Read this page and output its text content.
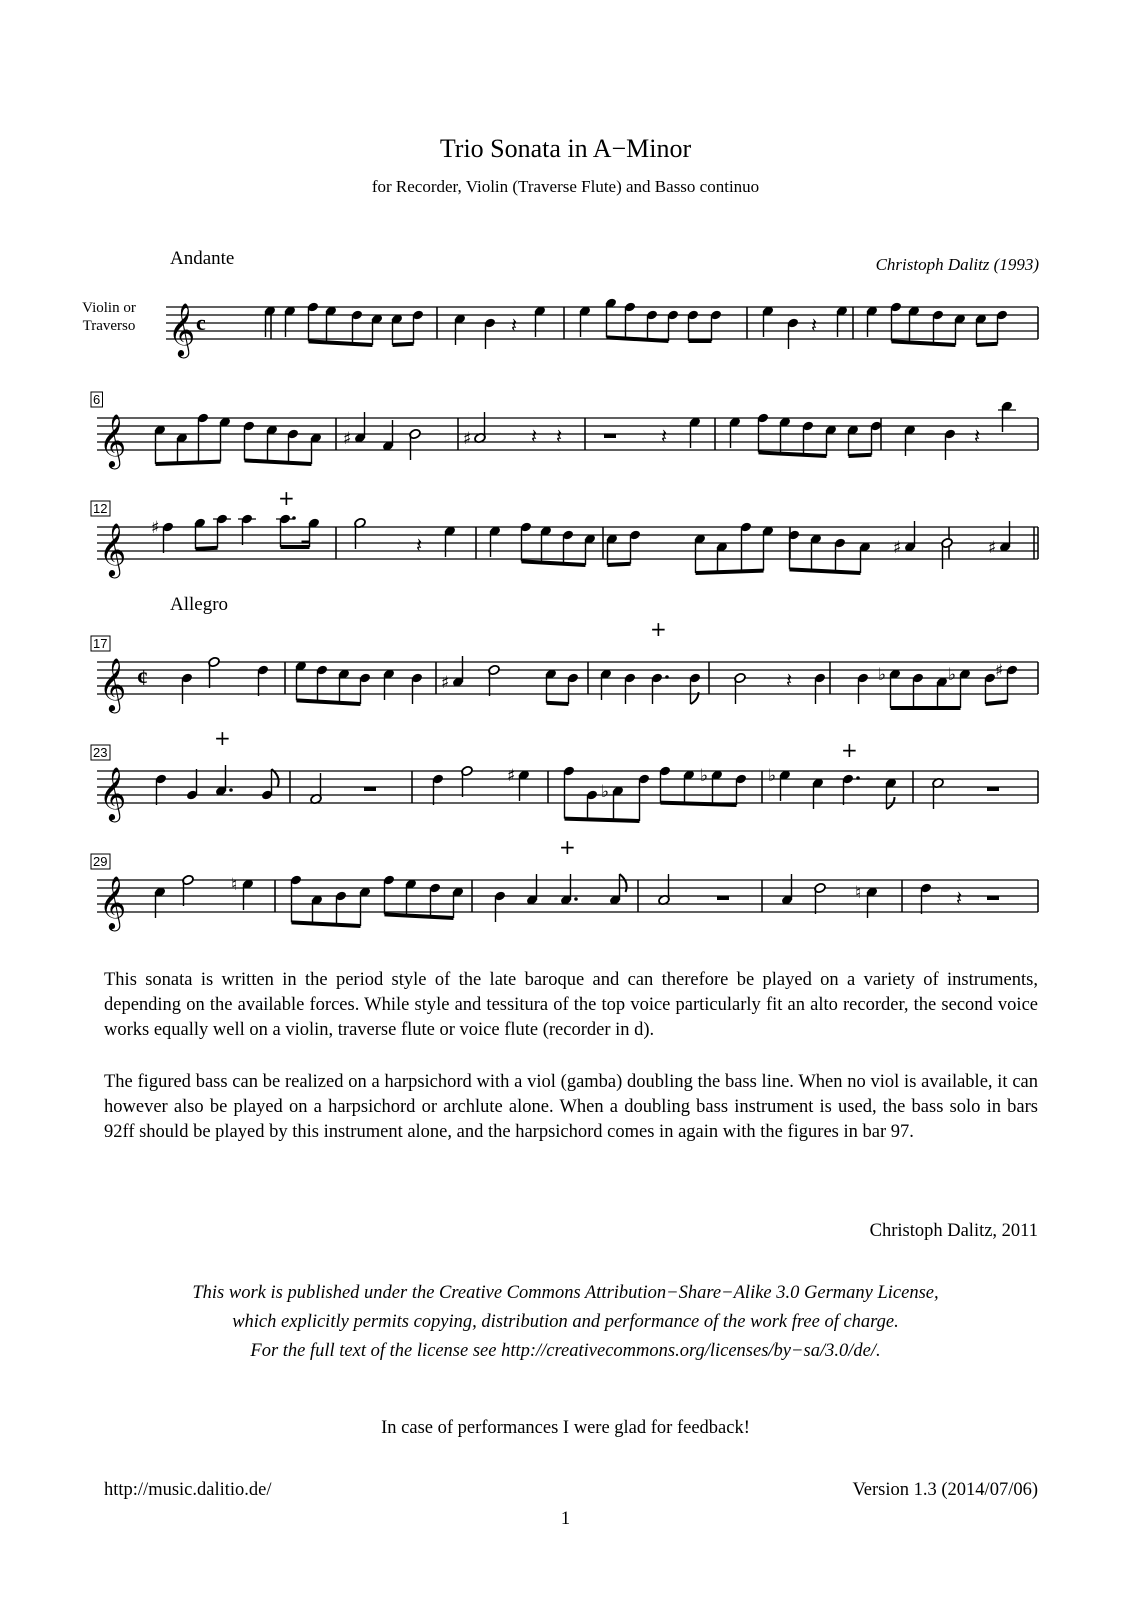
Trio Sonata in A−Minor
for Recorder, Violin (Traverse Flute) and Basso continuo
Andante	Christoph Dalitz (1993)
Violin or
Traverso
Allegro
𝄞 c	𝄽	𝄽
6
𝄞	♯	♯	𝄽 𝄽	𝄽	𝄽
12
𝄞 ♯
+
𝄽	♯	♯
17
𝄞 ¢	♯
+
𝄽	♭	♭ ♯
23
𝄞
+
♯
♭
♭	♭
+
29
𝄞	♮
+
♮	𝄽
This sonata is written in the period style of the late baroque and can therefore be played on a variety of instruments, depending on the available forces. While style and tessitura of the top voice particularly fit an alto recorder, the second voice works equally well on a violin, traverse flute or voice flute (recorder in d).
The figured bass can be realized on a harpsichord with a viol (gamba) doubling the bass line. When no viol is available, it can however also be played on a harpsichord or archlute alone. When a doubling bass instrument is used, the bass solo in bars 92ff should be played by this instrument alone, and the harpsichord comes in again with the figures in bar 97.
Christoph Dalitz, 2011
This work is published under the Creative Commons Attribution−Share−Alike 3.0 Germany License,
which explicitly permits copying, distribution and performance of the work free of charge.
For the full text of the license see http://creativecommons.org/licenses/by−sa/3.0/de/.
In case of performances I were glad for feedback!
http://music.dalitio.de/	Version 1.3 (2014/07/06)
1
